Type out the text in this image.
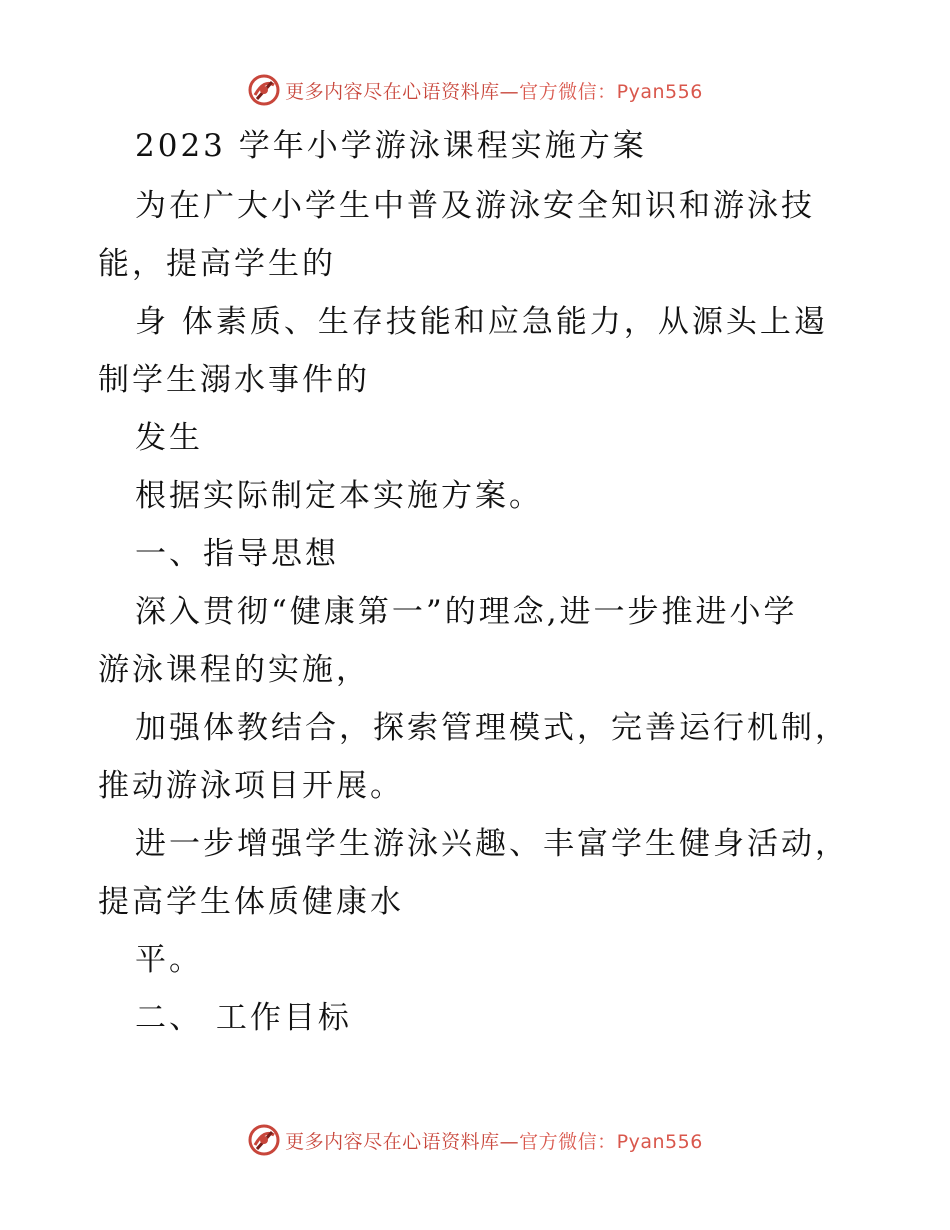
更多内容尽在心语资料库—官方微信：Pyan556
2023 学年小学游泳课程实施方案
为在广大小学生中普及游泳安全知识和游泳技
能，提高学生的
身 体素质、生存技能和应急能力，从源头上遏
制学生溺水事件的
发生
根据实际制定本实施方案。
一、指导思想
深入贯彻“健康第一”的理念,进一步推进小学
游泳课程的实施，
加强体教结合，探索管理模式，完善运行机制，
推动游泳项目开展。
进一步增强学生游泳兴趣、丰富学生健身活动，
提高学生体质健康水
平。
二、 工作目标
更多内容尽在心语资料库—官方微信：Pyan556
